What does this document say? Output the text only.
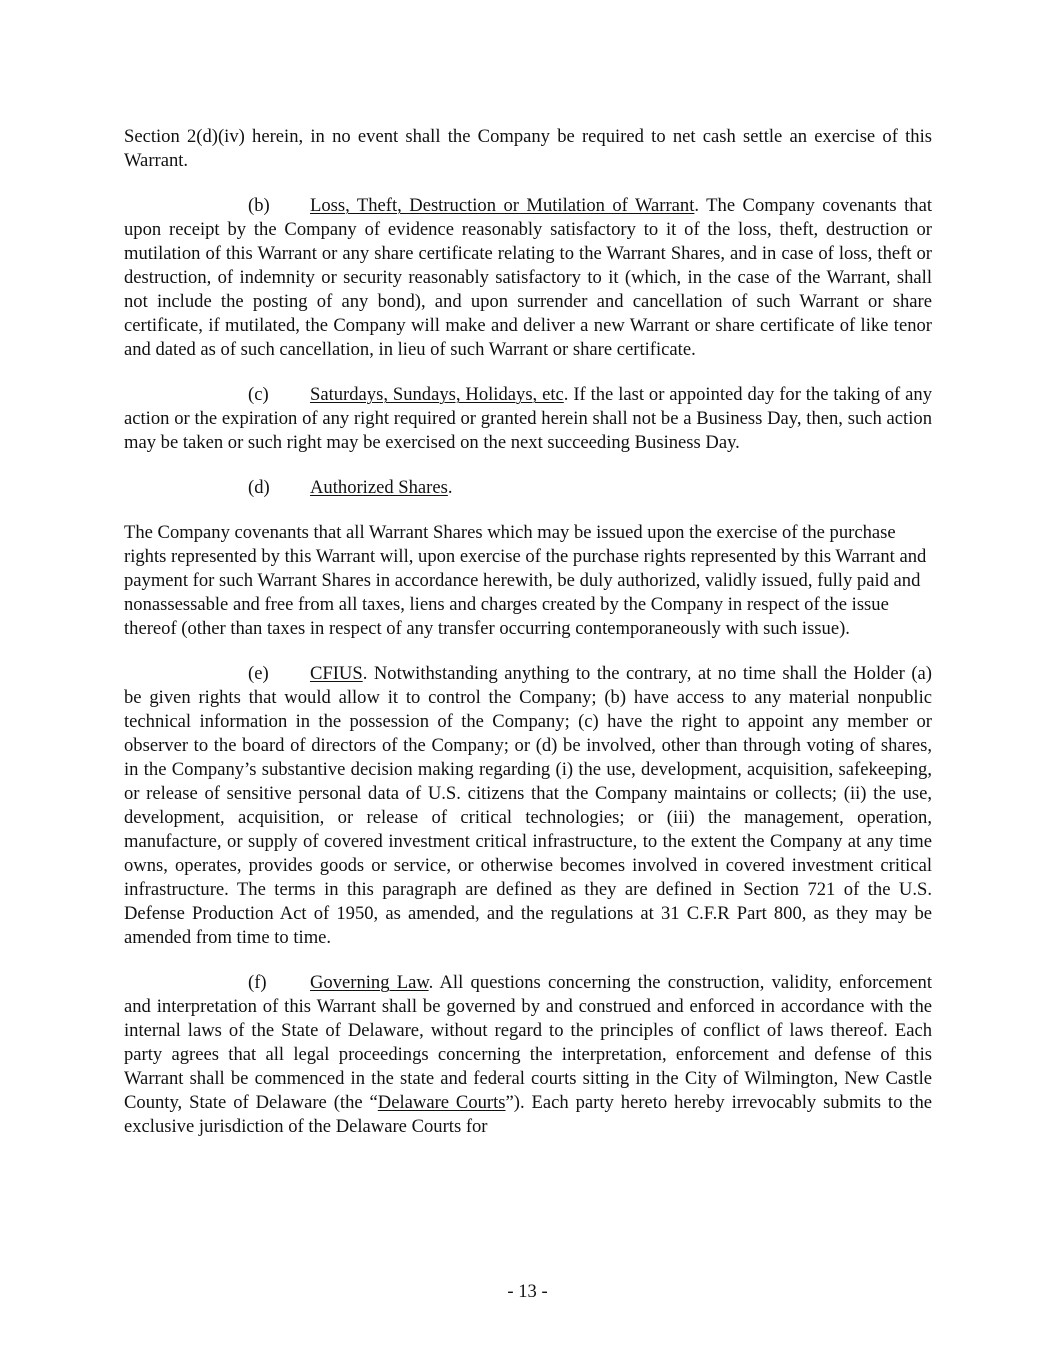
Section 2(d)(iv) herein, in no event shall the Company be required to net cash settle an exercise of this Warrant.

(b) Loss, Theft, Destruction or Mutilation of Warrant. The Company covenants that upon receipt by the Company of evidence reasonably satisfactory to it of the loss, theft, destruction or mutilation of this Warrant or any share certificate relating to the Warrant Shares, and in case of loss, theft or destruction, of indemnity or security reasonably satisfactory to it (which, in the case of the Warrant, shall not include the posting of any bond), and upon surrender and cancellation of such Warrant or share certificate, if mutilated, the Company will make and deliver a new Warrant or share certificate of like tenor and dated as of such cancellation, in lieu of such Warrant or share certificate.

(c) Saturdays, Sundays, Holidays, etc. If the last or appointed day for the taking of any action or the expiration of any right required or granted herein shall not be a Business Day, then, such action may be taken or such right may be exercised on the next succeeding Business Day.

(d) Authorized Shares.

The Company covenants that all Warrant Shares which may be issued upon the exercise of the purchase rights represented by this Warrant will, upon exercise of the purchase rights represented by this Warrant and payment for such Warrant Shares in accordance herewith, be duly authorized, validly issued, fully paid and nonassessable and free from all taxes, liens and charges created by the Company in respect of the issue thereof (other than taxes in respect of any transfer occurring contemporaneously with such issue).

(e) CFIUS. Notwithstanding anything to the contrary, at no time shall the Holder (a) be given rights that would allow it to control the Company; (b) have access to any material nonpublic technical information in the possession of the Company; (c) have the right to appoint any member or observer to the board of directors of the Company; or (d) be involved, other than through voting of shares, in the Company’s substantive decision making regarding (i) the use, development, acquisition, safekeeping, or release of sensitive personal data of U.S. citizens that the Company maintains or collects; (ii) the use, development, acquisition, or release of critical technologies; or (iii) the management, operation, manufacture, or supply of covered investment critical infrastructure, to the extent the Company at any time owns, operates, provides goods or service, or otherwise becomes involved in covered investment critical infrastructure. The terms in this paragraph are defined as they are defined in Section 721 of the U.S. Defense Production Act of 1950, as amended, and the regulations at 31 C.F.R Part 800, as they may be amended from time to time.

(f) Governing Law. All questions concerning the construction, validity, enforcement and interpretation of this Warrant shall be governed by and construed and enforced in accordance with the internal laws of the State of Delaware, without regard to the principles of conflict of laws thereof. Each party agrees that all legal proceedings concerning the interpretation, enforcement and defense of this Warrant shall be commenced in the state and federal courts sitting in the City of Wilmington, New Castle County, State of Delaware (the “Delaware Courts”). Each party hereto hereby irrevocably submits to the exclusive jurisdiction of the Delaware Courts for

- 13 -
